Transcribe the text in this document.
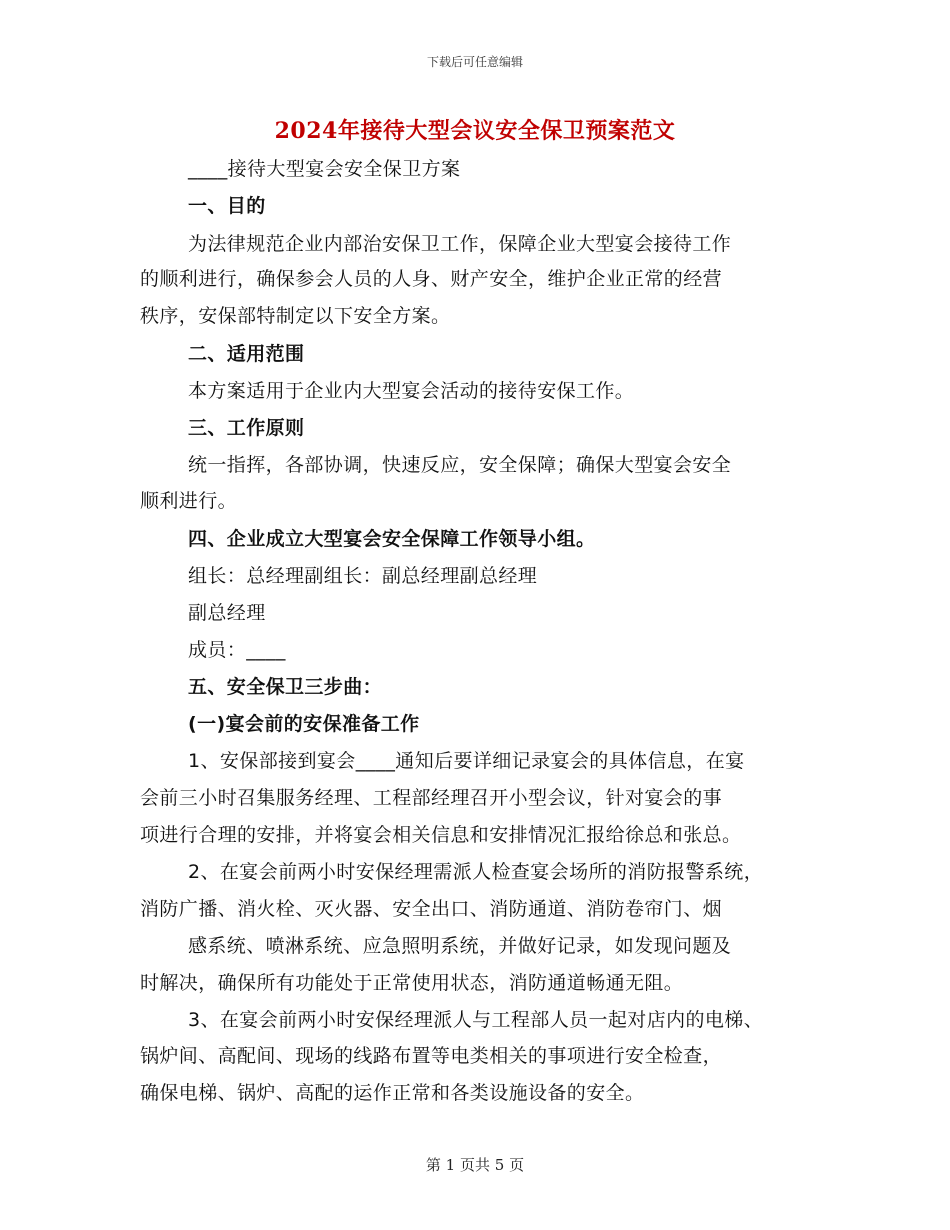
下载后可任意编辑
2024年接待大型会议安全保卫预案范文
____接待大型宴会安全保卫方案
一、目的
为法律规范企业内部治安保卫工作，保障企业大型宴会接待工作
的顺利进行，确保参会人员的人身、财产安全，维护企业正常的经营
秩序，安保部特制定以下安全方案。
二、适用范围
本方案适用于企业内大型宴会活动的接待安保工作。
三、工作原则
统一指挥，各部协调，快速反应，安全保障；确保大型宴会安全
顺利进行。
四、企业成立大型宴会安全保障工作领导小组。
组长：总经理副组长：副总经理副总经理
副总经理
成员：____
五、安全保卫三步曲：
(一)宴会前的安保准备工作
1、安保部接到宴会____通知后要详细记录宴会的具体信息，在宴
会前三小时召集服务经理、工程部经理召开小型会议，针对宴会的事
项进行合理的安排，并将宴会相关信息和安排情况汇报给徐总和张总。
2、在宴会前两小时安保经理需派人检查宴会场所的消防报警系统，
消防广播、消火栓、灭火器、安全出口、消防通道、消防卷帘门、烟
感系统、喷淋系统、应急照明系统，并做好记录，如发现问题及
时解决，确保所有功能处于正常使用状态，消防通道畅通无阻。
3、在宴会前两小时安保经理派人与工程部人员一起对店内的电梯、
锅炉间、高配间、现场的线路布置等电类相关的事项进行安全检查，
确保电梯、锅炉、高配的运作正常和各类设施设备的安全。
第 1 页共 5 页
